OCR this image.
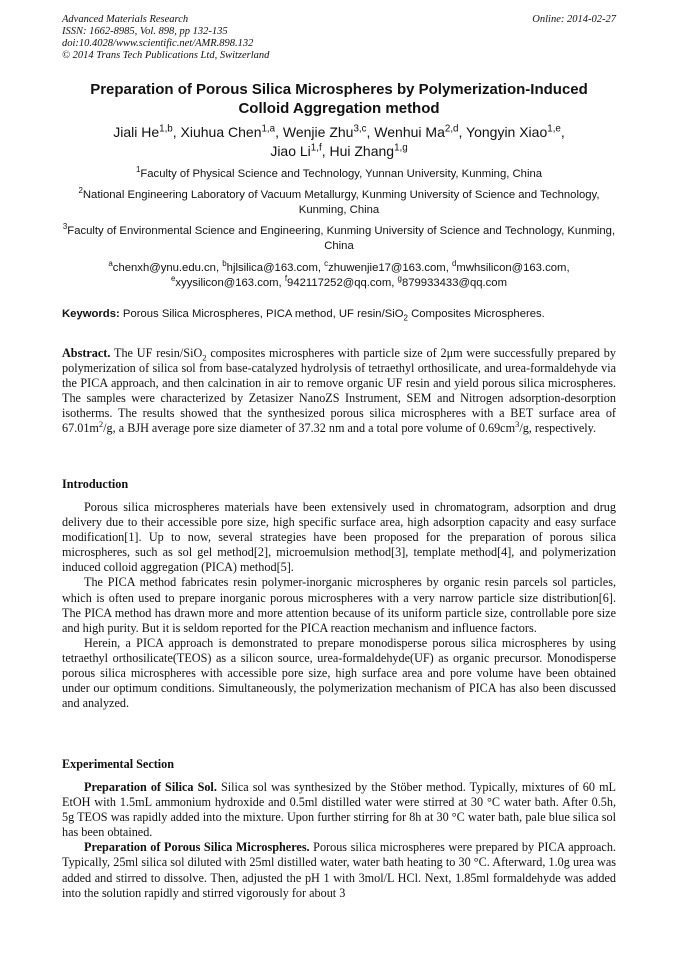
Advanced Materials Research
ISSN: 1662-8985, Vol. 898, pp 132-135
doi:10.4028/www.scientific.net/AMR.898.132
© 2014 Trans Tech Publications Ltd, Switzerland
Online: 2014-02-27
Preparation of Porous Silica Microspheres by Polymerization-Induced
Colloid Aggregation method
Jiali He$^{1,b}$, Xiuhua Chen$^{1,a}$, Wenjie Zhu$^{3,c}$, Wenhui Ma$^{2,d}$, Yongyin Xiao$^{1,e}$,
Jiao Li$^{1,f}$, Hui Zhang$^{1,g}$
$^1$Faculty of Physical Science and Technology, Yunnan University, Kunming, China
$^2$National Engineering Laboratory of Vacuum Metallurgy, Kunming University of Science and Technology, Kunming, China
$^3$Faculty of Environmental Science and Engineering, Kunming University of Science and Technology, Kunming, China
$^a$chenxh@ynu.edu.cn, $^b$hjlsilica@163.com, $^c$zhuwenjie17@163.com, $^d$mwhsilicon@163.com,
$^e$xyysilicon@163.com, $^f$942117252@qq.com, $^g$879933433@qq.com
Keywords: Porous Silica Microspheres, PICA method, UF resin/SiO$_2$ Composites Microspheres.

Abstract. The UF resin/SiO$_2$ composites microspheres with particle size of 2μm were successfully prepared by polymerization of silica sol from base-catalyzed hydrolysis of tetraethyl orthosilicate, and urea-formaldehyde via the PICA approach, and then calcination in air to remove organic UF resin and yield porous silica microspheres. The samples were characterized by Zetasizer NanoZS Instrument, SEM and Nitrogen adsorption-desorption isotherms. The results showed that the synthesized porous silica microspheres with a BET surface area of $67.01m^2/g$, a BJH average pore size diameter of 37.32 nm and a total pore volume of $0.69cm^3/g$, respectively.

Introduction

Porous silica microspheres materials have been extensively used in chromatogram, adsorption and drug delivery due to their accessible pore size, high specific surface area, high adsorption capacity and easy surface modification[1]. Up to now, several strategies have been proposed for the preparation of porous silica microspheres, such as sol gel method[2], microemulsion method[3], template method[4], and polymerization induced colloid aggregation (PICA) method[5].

The PICA method fabricates resin polymer-inorganic microspheres by organic resin parcels sol particles, which is often used to prepare inorganic porous microspheres with a very narrow particle size distribution[6]. The PICA method has drawn more and more attention because of its uniform particle size, controllable pore size and high purity. But it is seldom reported for the PICA reaction mechanism and influence factors.

Herein, a PICA approach is demonstrated to prepare monodisperse porous silica microspheres by using tetraethyl orthosilicate(TEOS) as a silicon source, urea-formaldehyde(UF) as organic precursor. Monodisperse porous silica microspheres with accessible pore size, high surface area and pore volume have been obtained under our optimum conditions. Simultaneously, the polymerization mechanism of PICA has also been discussed and analyzed.

Experimental Section

Preparation of Silica Sol. Silica sol was synthesized by the Stöber method. Typically, mixtures of 60 mL EtOH with 1.5mL ammonium hydroxide and 0.5ml distilled water were stirred at 30 °C water bath. After 0.5h, 5g TEOS was rapidly added into the mixture. Upon further stirring for 8h at 30 °C water bath, pale blue silica sol has been obtained.

Preparation of Porous Silica Microspheres. Porous silica microspheres were prepared by PICA approach. Typically, 25ml silica sol diluted with 25ml distilled water, water bath heating to 30 °C. Afterward, 1.0g urea was added and stirred to dissolve. Then, adjusted the pH 1 with 3mol/L HCl. Next, 1.85ml formaldehyde was added into the solution rapidly and stirred vigorously for about 3
